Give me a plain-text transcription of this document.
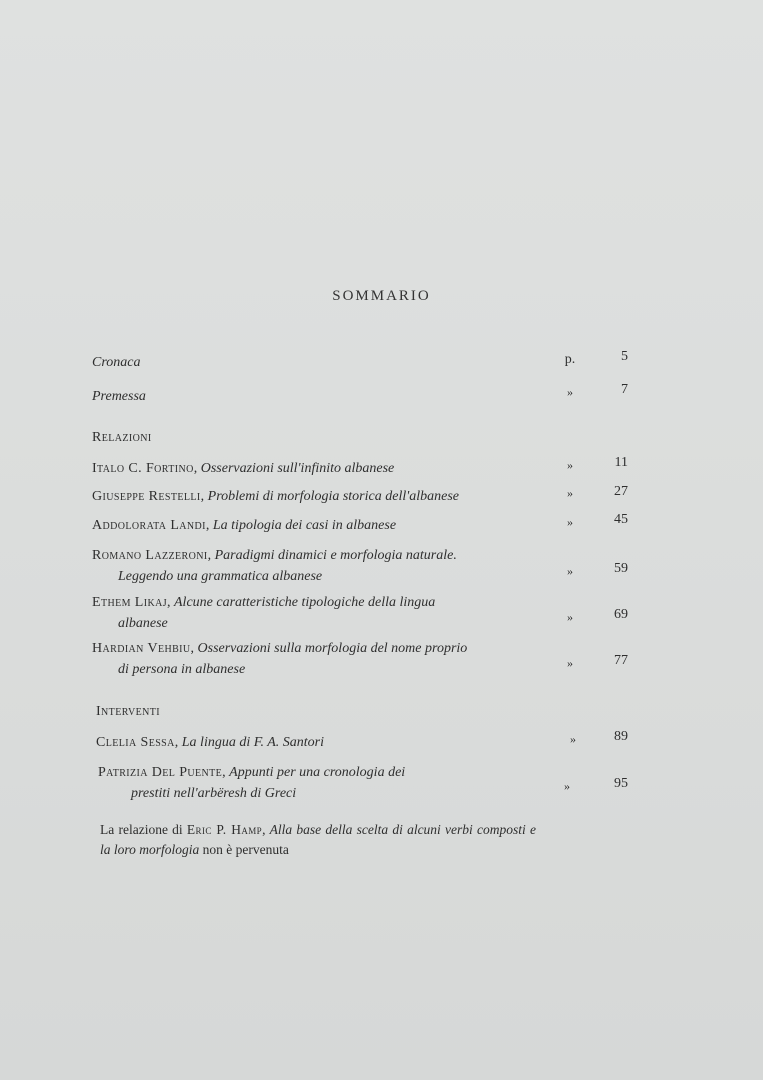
SOMMARIO
Cronaca	p.	5
Premessa	»	7
Relazioni
Italo C. Fortino, Osservazioni sull'infinito albanese	»	11
Giuseppe Restelli, Problemi di morfologia storica dell'albanese	»	27
Addolorata Landi, La tipologia dei casi in albanese	»	45
Romano Lazzeroni, Paradigmi dinamici e morfologia naturale.
Leggendo una grammatica albanese	»	59
Ethem Likaj, Alcune caratteristiche tipologiche della lingua
albanese	»	69
Hardian Vehbiu, Osservazioni sulla morfologia del nome proprio
di persona in albanese	»	77
Interventi
Clelia Sessa, La lingua di F. A. Santori	»	89
Patrizia Del Puente, Appunti per una cronologia dei
prestiti nell'arbëresh di Greci	»	95
La relazione di Eric P. Hamp, Alla base della scelta di alcuni verbi composti e la loro morfologia non è pervenuta
